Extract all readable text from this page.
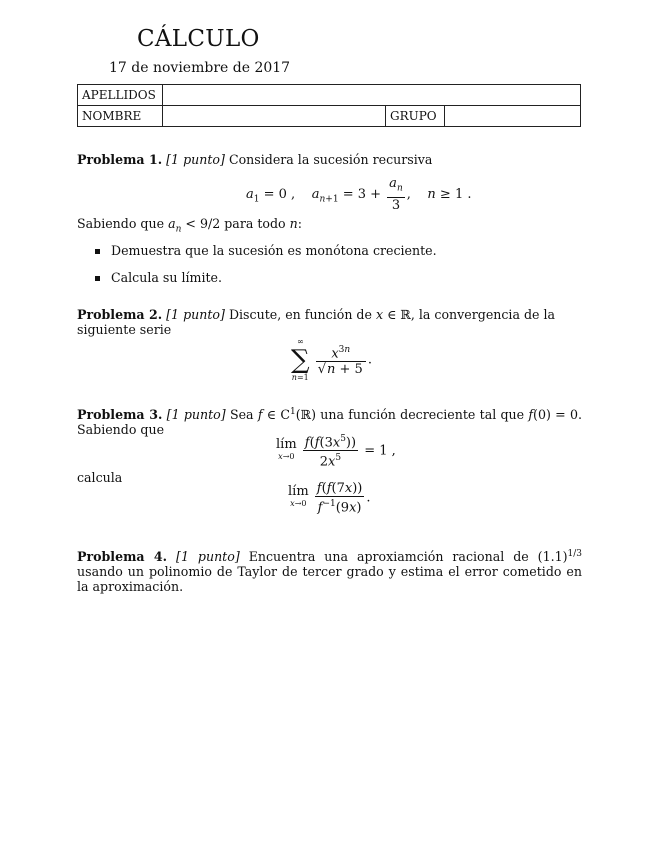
CÁLCULO
17 de noviembre de 2017
APELLIDOS			
NOMBRE		GRUPO	
Problema 1. [1 punto] Considera la sucesión recursiva
$a_1 = 0$ ,    $a_{n+1} = 3 + \frac{a_n}{3}$ ,    n ≥ 1 .
Sabiendo que $a_n < 9/2$ para todo n:
Demuestra que la sucesión es monótona creciente.
Calcula su límite.
Problema 2. [1 punto] Discute, en función de x ∈ ℝ, la convergencia de la siguiente serie
∞
∑
n=1

$\frac{x^{3n}}{√n + 5}$ .
Problema 3. [1 punto] Sea f ∈ $C^1(ℝ)$ una función decreciente tal que f(0) = 0. Sabiendo que
lím
x→0
$\frac{f(f(3x^5))}{2x^5} = 1$ ,
calcula
lím
x→0
$\frac{f(f(7x))}{f^{-1}(9x)}$ .
Problema 4. [1 punto] Encuentra una aproxiamción racional de $(1.1)^{1/3}$ usando un polinomio de Taylor de tercer grado y estima el error cometido en la aproximación.
